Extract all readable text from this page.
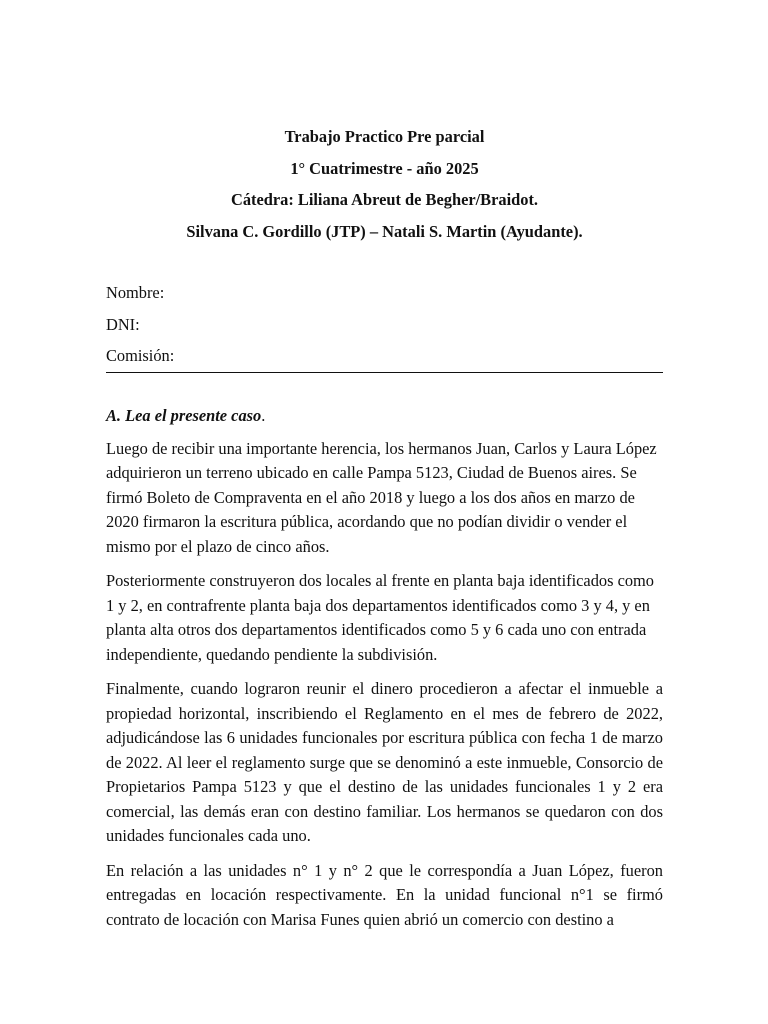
Trabajo Practico Pre parcial
1° Cuatrimestre - año 2025
Cátedra: Liliana Abreut de Begher/Braidot.
Silvana C. Gordillo (JTP) – Natali S. Martin (Ayudante).
Nombre:
DNI:
Comisión:

A. Lea el presente caso.

Luego de recibir una importante herencia, los hermanos Juan, Carlos y Laura López adquirieron un terreno ubicado en calle Pampa 5123, Ciudad de Buenos aires. Se firmó Boleto de Compraventa en el año 2018 y luego a los dos años en marzo de 2020 firmaron la escritura pública, acordando que no podían dividir o vender el mismo por el plazo de cinco años.

Posteriormente construyeron dos locales al frente en planta baja identificados como 1 y 2, en contrafrente planta baja dos departamentos identificados como 3 y 4, y en planta alta otros dos departamentos identificados como 5 y 6 cada uno con entrada independiente, quedando pendiente la subdivisión.

Finalmente, cuando lograron reunir el dinero procedieron a afectar el inmueble a propiedad horizontal, inscribiendo el Reglamento en el mes de febrero de 2022, adjudicándose las 6 unidades funcionales por escritura pública con fecha 1 de marzo de 2022. Al leer el reglamento surge que se denominó a este inmueble, Consorcio de Propietarios Pampa 5123 y que el destino de las unidades funcionales 1 y 2 era comercial, las demás eran con destino familiar. Los hermanos se quedaron con dos unidades funcionales cada uno.

En relación a las unidades n° 1 y n° 2 que le correspondía a Juan López, fueron entregadas en locación respectivamente. En la unidad funcional n°1 se firmó contrato de locación con Marisa Funes quien abrió un comercio con destino a
